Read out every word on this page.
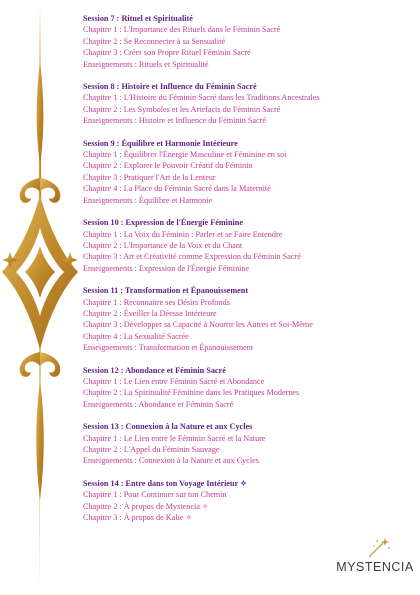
Session 7 : Rituel et Spiritualité
Chapitre 1 : L'Importance des Rituels dans le Féminin Sacré
Chapitre 2 : Se Reconnecter à sa Sensualité
Chapitre 3 : Créer son Propre Rituel Féminin Sacré
Enseignements : Rituels et Spiritualité
Session 8 : Histoire et Influence du Féminin Sacré
Chapitre 1 : L'Histoire du Féminin Sacré dans les Traditions Ancestrales
Chapitre 2 : Les Symboles et les Artefacts du Féminin Sacré
Enseignements : Histoire et Influence du Féminin Sacré
Session 9 : Équilibre et Harmonie Intérieure
Chapitre 1 : Équilibrer l'Énergie Masculine et Féminine en soi
Chapitre 2 : Explorer le Pouvoir Créatif du Féminin
Chapitre 3 : Pratiquer l'Art de la Lenteur
Chapitre 4 : La Place du Féminin Sacré dans la Maternité
Enseignements : Équilibre et Harmonie
Session 10 : Expression de l'Énergie Féminine
Chapitre 1 : La Voix du Féminin : Parler et se Faire Entendre
Chapitre 2 : L'Importance de la Voix et du Chant
Chapitre 3 : Art et Créativité comme Expression du Féminin Sacré
Enseignements : Expression de l'Énergie Féminine
Session 11 : Transformation et Épanouissement
Chapitre 1 : Reconnaitre ses Désirs Profonds
Chapitre 2 : Éveiller la Déesse Intérieure
Chapitre 3 : Développer sa Capacité à Nourrir les Autres et Soi-Même
Chapitre 4 : La Sexualité Sacrée
Enseignements : Transformation et Épanouissement
Session 12 : Abondance et Féminin Sacré
Chapitre 1 : Le Lien entre Féminin Sacré et Abondance
Chapitre 2 : La Spiritualité Féminine dans les Pratiques Modernes
Enseignements : Abondance et Féminin Sacré
Session 13 : Connexion à la Nature et aux Cycles
Chapitre 1 : Le Lien entre le Féminin Sacré et la Nature
Chapitre 2 : L'Appel du Féminin Sauvage
Enseignements : Connexion à la Nature et aux Cycles
Session 14 : Entre dans ton Voyage Intérieur ✧
Chapitre 1 : Pour Continuer sur ton Chemin
Chapitre 2 : À propos de Mystencia ✧
Chapitre 3 : À propos de Kalie ✧
MYSTENCIA
